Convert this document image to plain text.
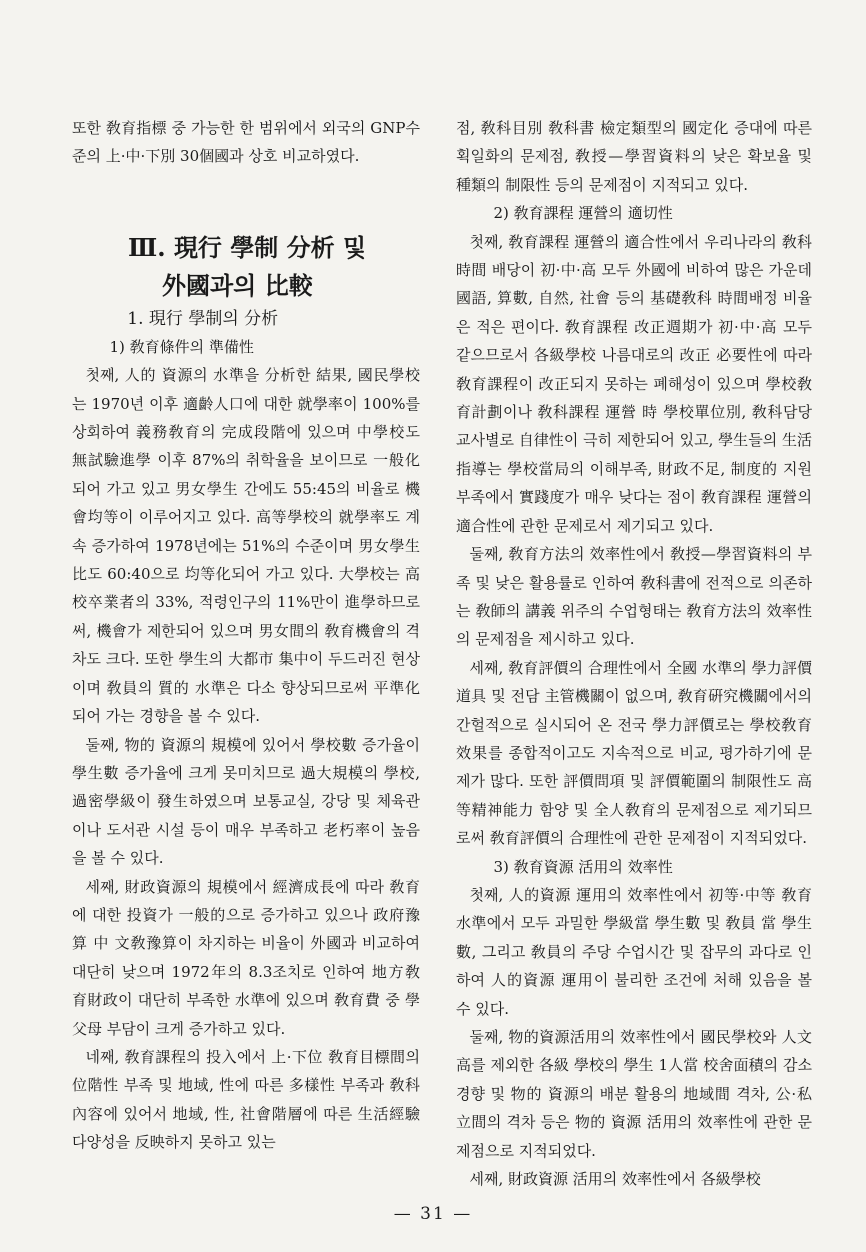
또한 敎育指標 중 가능한 한 범위에서 외국의 GNP수준의 上·中·下別 30個國과 상호 비교하였다.

Ⅲ. 現行 學制 分析 및
外國과의 比較

1. 現行 學制의 分析

1) 敎育條件의 準備性

첫째, 人的 資源의 水準을 分析한 結果, 國民學校는 1970년 이후 適齡人口에 대한 就學率이 100%를 상회하여 義務敎育의 完成段階에 있으며 中學校도 無試驗進學 이후 87%의 취학율을 보이므로 一般化되어 가고 있고 男女學生 간에도 55:45의 비율로 機會均等이 이루어지고 있다. 高等學校의 就學率도 계속 증가하여 1978년에는 51%의 수준이며 男女學生 比도 60:40으로 均等化되어 가고 있다. 大學校는 高校卒業者의 33%, 적령인구의 11%만이 進學하므로써, 機會가 제한되어 있으며 男女間의 敎育機會의 격차도 크다. 또한 學生의 大都市 集中이 두드러진 현상이며 敎員의 質的 水準은 다소 향상되므로써 平準化되어 가는 경향을 볼 수 있다.

둘째, 物的 資源의 規模에 있어서 學校數 증가율이 學生數 증가율에 크게 못미치므로 過大規模의 學校, 過密學級이 發生하였으며 보통교실, 강당 및 체육관이나 도서관 시설 등이 매우 부족하고 老朽率이 높음을 볼 수 있다.

세째, 財政資源의 規模에서 經濟成長에 따라 敎育에 대한 投資가 一般的으로 증가하고 있으나 政府豫算 中 文敎豫算이 차지하는 비율이 外國과 비교하여 대단히 낮으며 1972年의 8.3조치로 인하여 地方敎育財政이 대단히 부족한 水準에 있으며 敎育費 중 學父母 부담이 크게 증가하고 있다.

네째, 敎育課程의 投入에서 上·下位 敎育目標間의 位階性 부족 및 地域, 性에 따른 多樣性 부족과 敎科內容에 있어서 地域, 性, 社會階層에 따른 生活經驗 다양성을 反映하지 못하고 있는

점, 敎科目別 敎科書 檢定類型의 國定化 증대에 따른 획일화의 문제점, 敎授—學習資料의 낮은 확보율 및 種類의 制限性 등의 문제점이 지적되고 있다.

2) 敎育課程 運營의 適切性

첫째, 敎育課程 運營의 適合性에서 우리나라의 敎科時間 배당이 初·中·高 모두 外國에 비하여 많은 가운데 國語, 算數, 自然, 社會 등의 基礎敎科 時間배정 비율은 적은 편이다. 敎育課程 改正週期가 初·中·高 모두 같으므로서 各級學校 나름대로의 改正 必要性에 따라 敎育課程이 改正되지 못하는 폐해성이 있으며 學校敎育計劃이나 敎科課程 運營 時 學校單位別, 敎科담당교사별로 自律性이 극히 제한되어 있고, 學生들의 生活指導는 學校當局의 이해부족, 財政不足, 制度的 지원부족에서 實踐度가 매우 낮다는 점이 敎育課程 運營의 適合性에 관한 문제로서 제기되고 있다.

둘째, 敎育方法의 效率性에서 敎授—學習資料의 부족 및 낮은 활용률로 인하여 敎科書에 전적으로 의존하는 敎師의 講義 위주의 수업형태는 敎育方法의 效率性의 문제점을 제시하고 있다.

세째, 敎育評價의 合理性에서 全國 水準의 學力評價 道具 및 전담 主管機關이 없으며, 敎育硏究機關에서의 간헐적으로 실시되어 온 전국 學力評價로는 學校敎育 效果를 종합적이고도 지속적으로 비교, 평가하기에 문제가 많다. 또한 評價問項 및 評價範圍의 制限性도 高等精神能力 함양 및 全人敎育의 문제점으로 제기되므로써 敎育評價의 合理性에 관한 문제점이 지적되었다.

3) 敎育資源 活用의 效率性

첫째, 人的資源 運用의 效率性에서 初等·中等 敎育水準에서 모두 과밀한 學級當 學生數 및 敎員 當 學生數, 그리고 敎員의 주당 수업시간 및 잡무의 과다로 인하여 人的資源 運用이 불리한 조건에 처해 있음을 볼 수 있다.

둘째, 物的資源活用의 效率性에서 國民學校와 人文高를 제외한 各級 學校의 學生 1人當 校舍面積의 감소 경향 및 物的 資源의 배분 활용의 地域間 격차, 公·私立間의 격차 등은 物的 資源 活用의 效率性에 관한 문제점으로 지적되었다.

세째, 財政資源 活用의 效率性에서 各級學校

— 31 —
